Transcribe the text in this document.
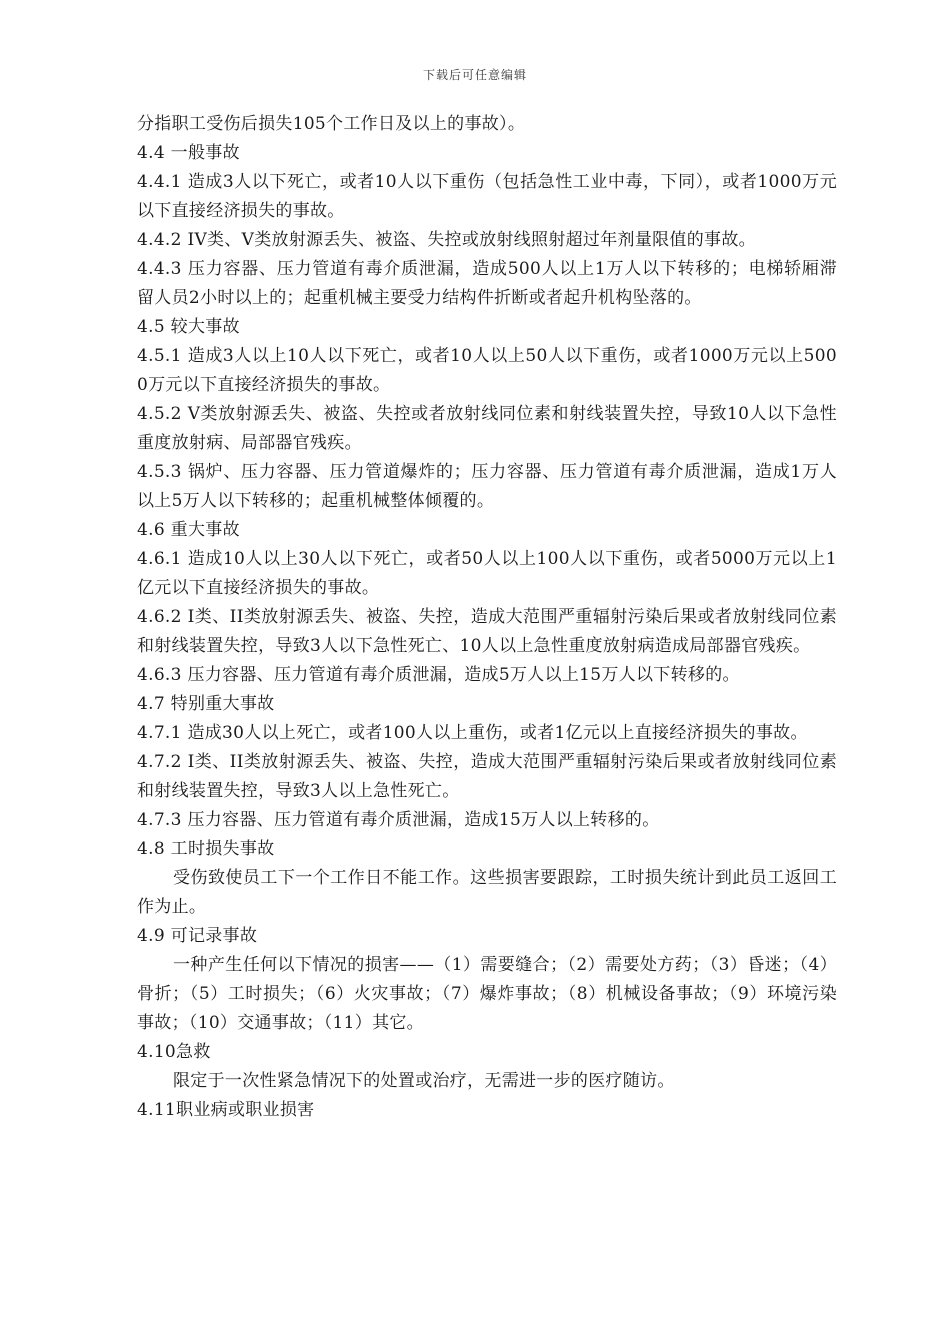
下载后可任意编辑

分指职工受伤后损失105个工作日及以上的事故）。

4.4 一般事故

4.4.1 造成3人以下死亡，或者10人以下重伤（包括急性工业中毒，下同），或者1000万元以下直接经济损失的事故。

4.4.2 IV类、V类放射源丢失、被盗、失控或放射线照射超过年剂量限值的事故。

4.4.3 压力容器、压力管道有毒介质泄漏，造成500人以上1万人以下转移的；电梯轿厢滞留人员2小时以上的；起重机械主要受力结构件折断或者起升机构坠落的。

4.5 较大事故

4.5.1 造成3人以上10人以下死亡，或者10人以上50人以下重伤，或者1000万元以上5000万元以下直接经济损失的事故。

4.5.2 V类放射源丢失、被盗、失控或者放射线同位素和射线装置失控，导致10人以下急性重度放射病、局部器官残疾。

4.5.3 锅炉、压力容器、压力管道爆炸的；压力容器、压力管道有毒介质泄漏，造成1万人以上5万人以下转移的；起重机械整体倾覆的。

4.6 重大事故

4.6.1 造成10人以上30人以下死亡，或者50人以上100人以下重伤，或者5000万元以上1亿元以下直接经济损失的事故。

4.6.2 I类、II类放射源丢失、被盗、失控，造成大范围严重辐射污染后果或者放射线同位素和射线装置失控，导致3人以下急性死亡、10人以上急性重度放射病造成局部器官残疾。

4.6.3 压力容器、压力管道有毒介质泄漏，造成5万人以上15万人以下转移的。

4.7 特别重大事故

4.7.1 造成30人以上死亡，或者100人以上重伤，或者1亿元以上直接经济损失的事故。

4.7.2 I类、II类放射源丢失、被盗、失控，造成大范围严重辐射污染后果或者放射线同位素和射线装置失控，导致3人以上急性死亡。

4.7.3 压力容器、压力管道有毒介质泄漏，造成15万人以上转移的。

4.8 工时损失事故

受伤致使员工下一个工作日不能工作。这些损害要跟踪，工时损失统计到此员工返回工作为止。

4.9 可记录事故

一种产生任何以下情况的损害——（1）需要缝合；（2）需要处方药；（3）昏迷；（4）骨折；（5）工时损失；（6）火灾事故；（7）爆炸事故；（8）机械设备事故；（9）环境污染事故；（10）交通事故；（11）其它。

4.10急救

限定于一次性紧急情况下的处置或治疗，无需进一步的医疗随访。

4.11职业病或职业损害
